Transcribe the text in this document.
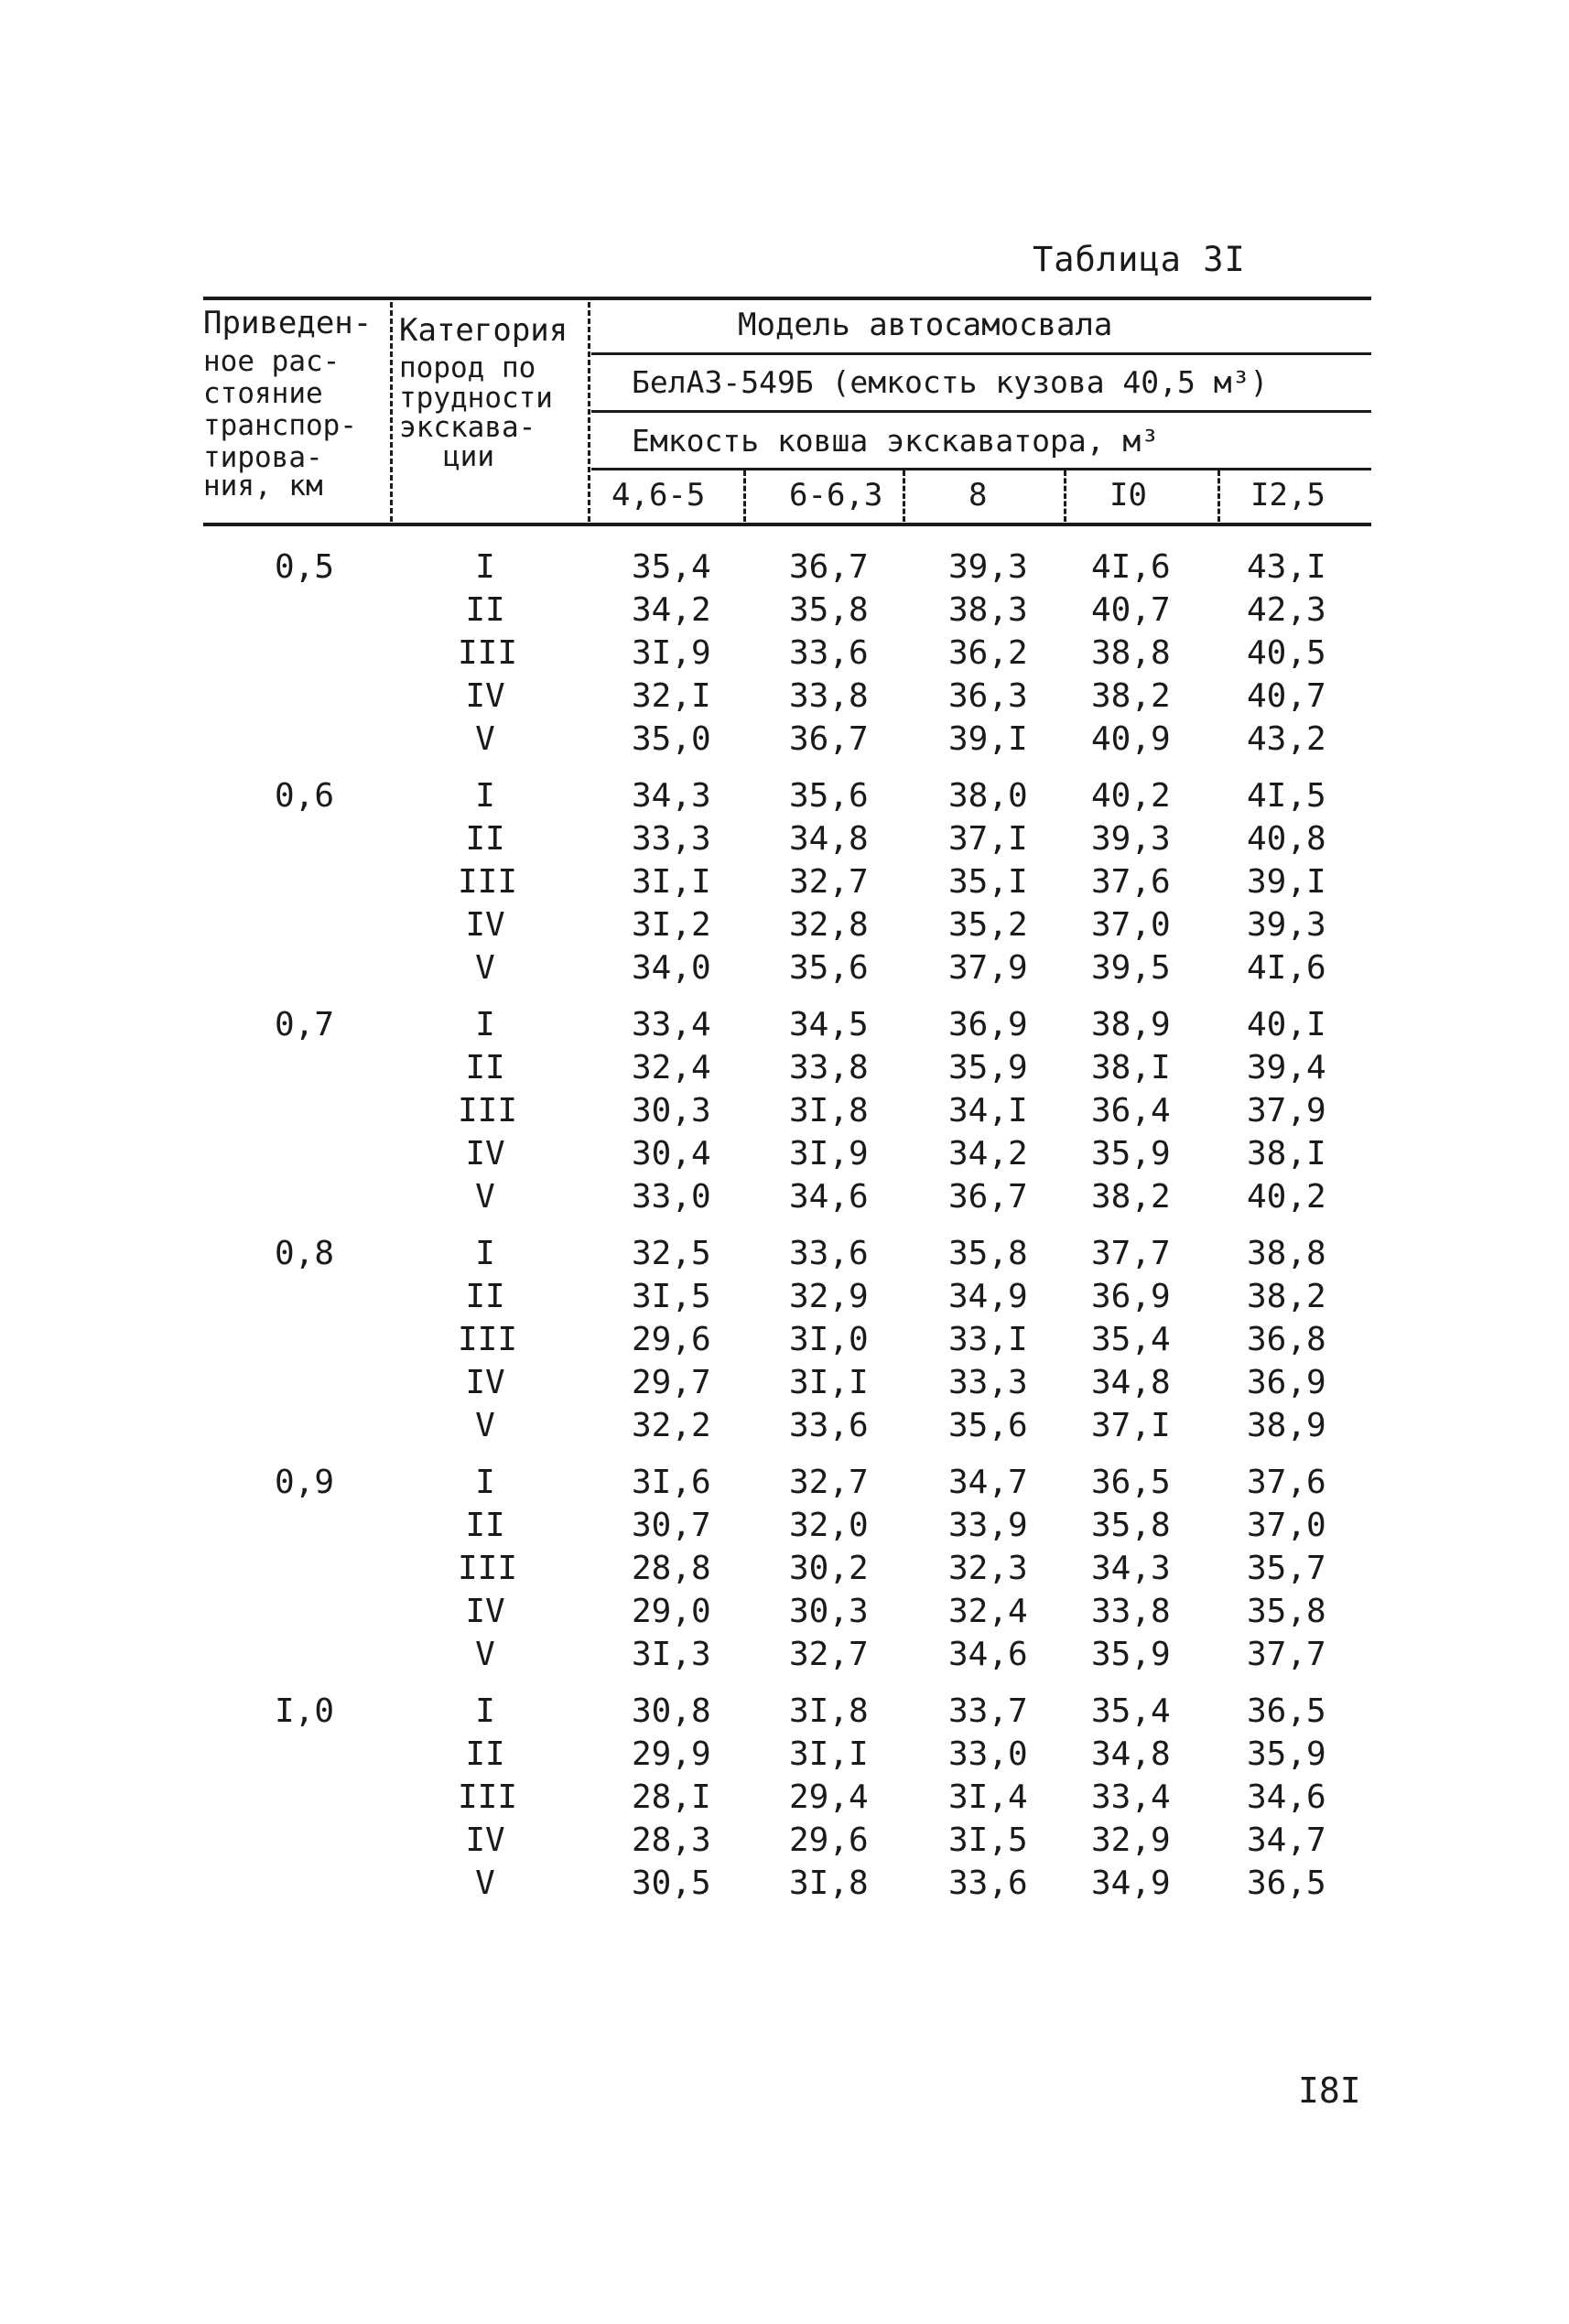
Таблица 3I
Приведен-
ное рас-
стояние
транспор-
тирова-
ния, км
Категория
пород по
трудности
экскава-
ции
Модель автосамосвала
БелАЗ-549Б (емкость кузова 40,5 м³)
Емкость ковша экскаватора, м³
4,6-5	6-6,3	8	I0	I2,5
0,5	I	35,4 36,7 39,3 4I,6 43,I
II	34,2 35,8 38,3 40,7 42,3
III	3I,9 33,6 36,2 38,8 40,5
IV	32,I 33,8 36,3 38,2 40,7
V	35,0 36,7 39,I 40,9 43,2
0,6	I	34,3 35,6 38,0 40,2 4I,5
II	33,3 34,8 37,I 39,3 40,8
III	3I,I 32,7 35,I 37,6 39,I
IV	3I,2 32,8 35,2 37,0 39,3
V	34,0 35,6 37,9 39,5 4I,6
0,7	I	33,4 34,5 36,9 38,9 40,I
II	32,4 33,8 35,9 38,I 39,4
III	30,3 3I,8 34,I 36,4 37,9
IV	30,4 3I,9 34,2 35,9 38,I
V	33,0 34,6 36,7 38,2 40,2
0,8	I	32,5 33,6 35,8 37,7 38,8
II	3I,5 32,9 34,9 36,9 38,2
III	29,6 3I,0 33,I 35,4 36,8
IV	29,7 3I,I 33,3 34,8 36,9
V	32,2 33,6 35,6 37,I 38,9
0,9	I	3I,6 32,7 34,7 36,5 37,6
II	30,7 32,0 33,9 35,8 37,0
III	28,8 30,2 32,3 34,3 35,7
IV	29,0 30,3 32,4 33,8 35,8
V	3I,3 32,7 34,6 35,9 37,7
I,0	I	30,8 3I,8 33,7 35,4 36,5
II	29,9 3I,I 33,0 34,8 35,9
III	28,I 29,4 3I,4 33,4 34,6
IV	28,3 29,6 3I,5 32,9 34,7
V	30,5 3I,8 33,6 34,9 36,5
I8I
